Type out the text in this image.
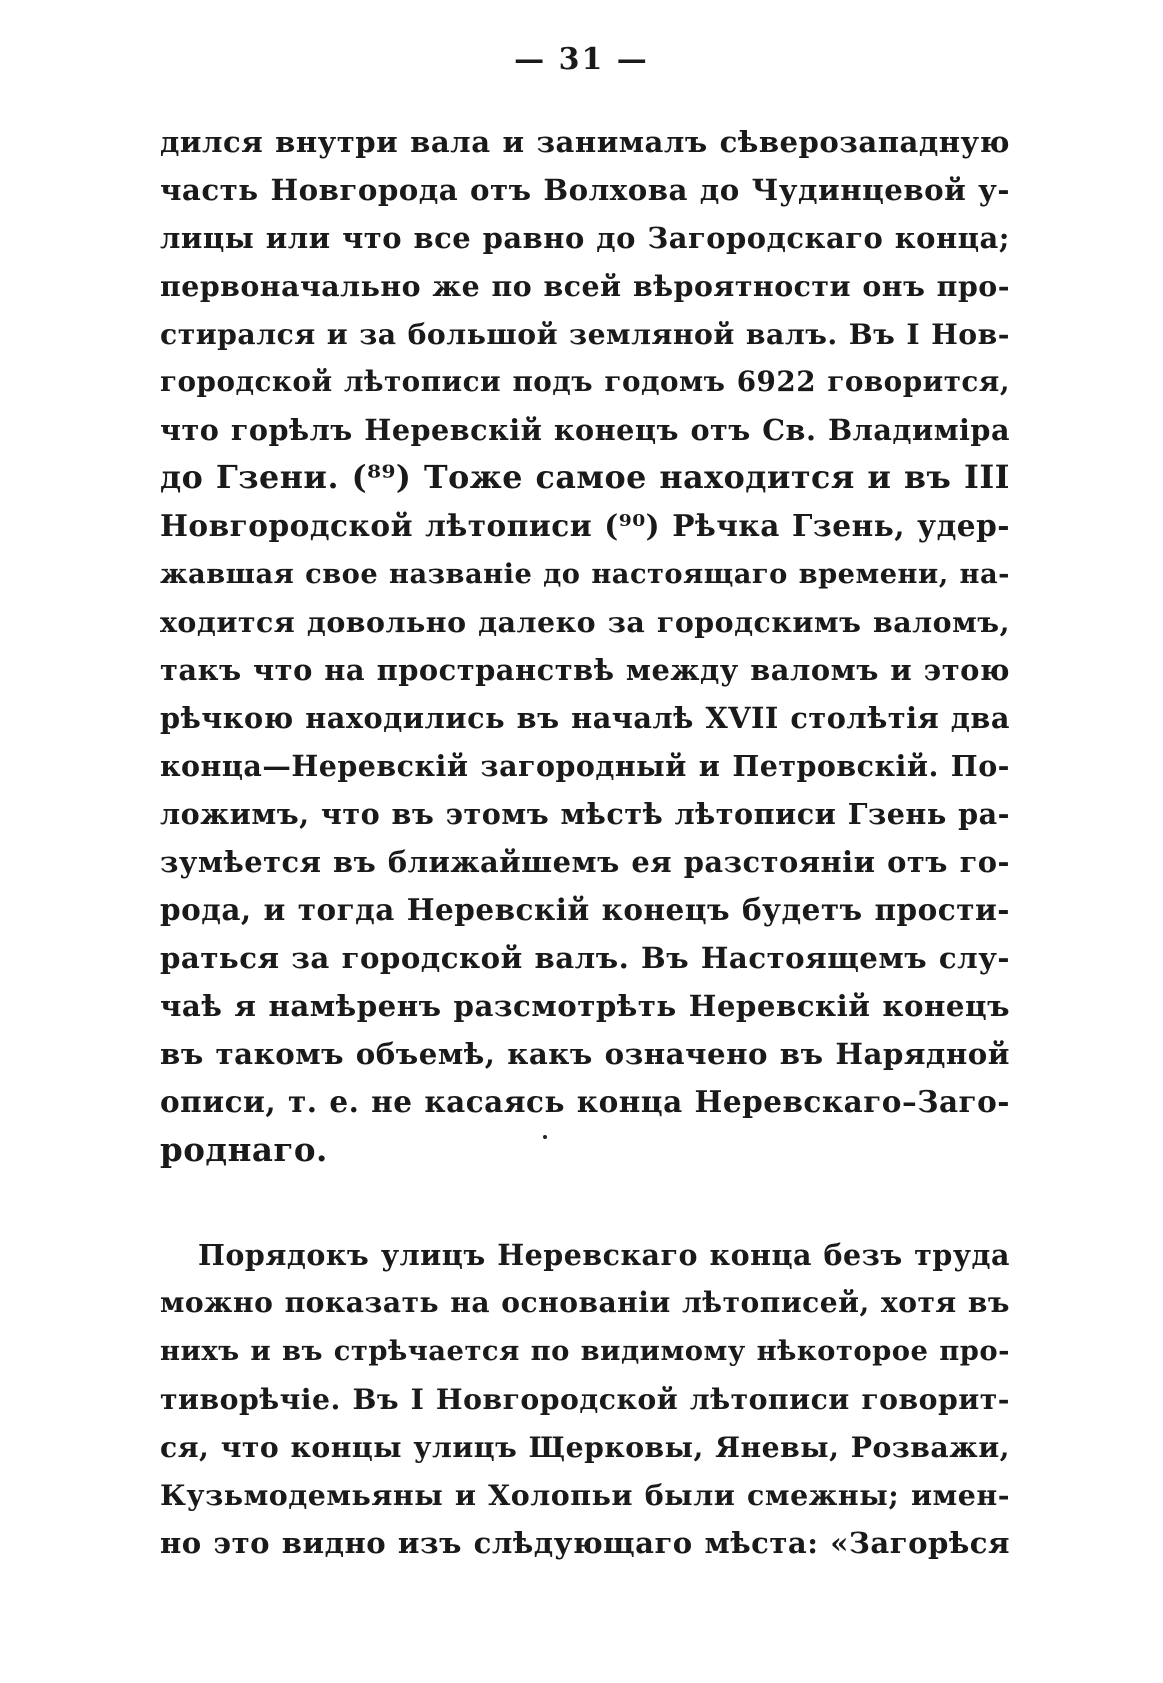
— 31 —
дился внутри вала и занималъ сѣверозападную
часть Новгорода отъ Волхова до Чудинцевой у-
лицы или что все равно до Загородскаго конца;
первоначально же по всей вѣроятности онъ про-
стирался и за большой земляной валъ. Въ I Нов-
городской лѣтописи подъ годомъ 6922 говорится,
что горѣлъ Неревскій конецъ отъ Св. Владиміра
до Гзени. (⁸⁹) Тоже самое находится и въ III
Новгородской лѣтописи (⁹⁰) Рѣчка Гзень, удер-
жавшая свое названіе до настоящаго времени, на-
ходится довольно далеко за городскимъ валомъ,
такъ что на пространствѣ между валомъ и этою
рѣчкою находились въ началѣ XVII столѣтія два
конца—Неревскій загородный и Петровскій. По-
ложимъ, что въ этомъ мѣстѣ лѣтописи Гзень ра-
зумѣется въ ближайшемъ ея разстояніи отъ го-
рода, и тогда Неревскій конецъ будетъ прости-
раться за городской валъ. Въ Настоящемъ слу-
чаѣ я намѣренъ разсмотрѣть Неревскій конецъ
въ такомъ объемѣ, какъ означено въ Нарядной
описи, т. е. не касаясь конца Неревскаго–Заго-
роднаго.
Порядокъ улицъ Неревскаго конца безъ труда
можно показать на основаніи лѣтописей, хотя въ
нихъ и въ стрѣчается по видимому нѣкоторое про-
тиворѣчіе. Въ I Новгородской лѣтописи говорит-
ся, что концы улицъ Щерковы, Яневы, Розважи,
Кузьмодемьяны и Холопьи были смежны; имен-
но это видно изъ слѣдующаго мѣста: «Загорѣся
